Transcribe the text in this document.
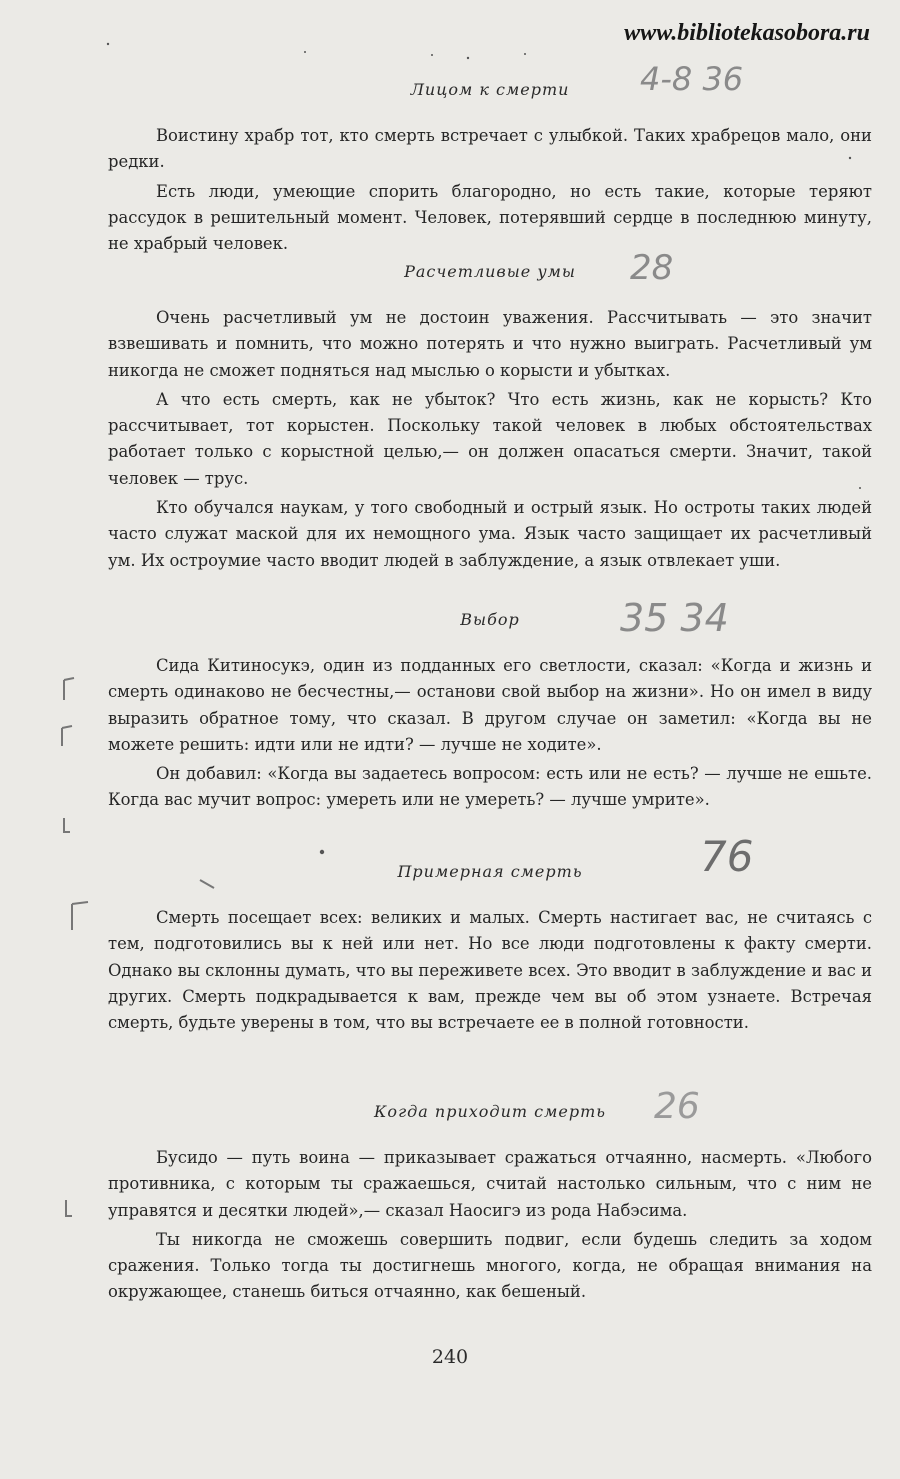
www.bibliotekasobora.ru
Лицом к смерти

Воистину храбр тот, кто смерть встречает с улыбкой. Таких храбрецов мало, они редки.

Есть люди, умеющие спорить благородно, но есть такие, которые теряют рассудок в решительный момент. Человек, потерявший сердце в последнюю минуту, не храбрый человек.

4-8 36
Расчетливые умы

Очень расчетливый ум не достоин уважения. Рассчитывать — это значит взвешивать и помнить, что можно потерять и что нужно выиграть. Расчетливый ум никогда не сможет подняться над мыслью о корысти и убытках.

А что есть смерть, как не убыток? Что есть жизнь, как не корысть? Кто рассчитывает, тот корыстен. Поскольку такой человек в любых обстоятельствах работает только с корыстной целью,— он должен опасаться смерти. Значит, такой человек — трус.

Кто обучался наукам, у того свободный и острый язык. Но остроты таких людей часто служат маской для их немощного ума. Язык часто защищает их расчетливый ум. Их остроумие часто вводит людей в заблуждение, а язык отвлекает уши.

28
Выбор

Сида Китиносукэ, один из подданных его светлости, сказал: «Когда и жизнь и смерть одинаково не бесчестны,— останови свой выбор на жизни». Но он имел в виду выразить обратное тому, что сказал. В другом случае он заметил: «Когда вы не можете решить: идти или не идти? — лучше не ходите».

Он добавил: «Когда вы задаетесь вопросом: есть или не есть? — лучше не ешьте. Когда вас мучит вопрос: умереть или не умереть? — лучше умрите».

35 34
Примерная смерть

Смерть посещает всех: великих и малых. Смерть настигает вас, не считаясь с тем, подготовились вы к ней или нет. Но все люди подготовлены к факту смерти. Однако вы склонны думать, что вы переживете всех. Это вводит в заблуждение и вас и других. Смерть подкрадывается к вам, прежде чем вы об этом узнаете. Встречая смерть, будьте уверены в том, что вы встречаете ее в полной готовности.

76
Когда приходит смерть

Бусидо — путь воина — приказывает сражаться отчаянно, насмерть. «Любого противника, с которым ты сражаешься, считай настолько сильным, что с ним не управятся и десятки людей»,— сказал Наосигэ из рода Набэсима.

Ты никогда не сможешь совершить подвиг, если будешь следить за ходом сражения. Только тогда ты достигнешь многого, когда, не обращая внимания на окружающее, станешь биться отчаянно, как бешеный.

26
240
